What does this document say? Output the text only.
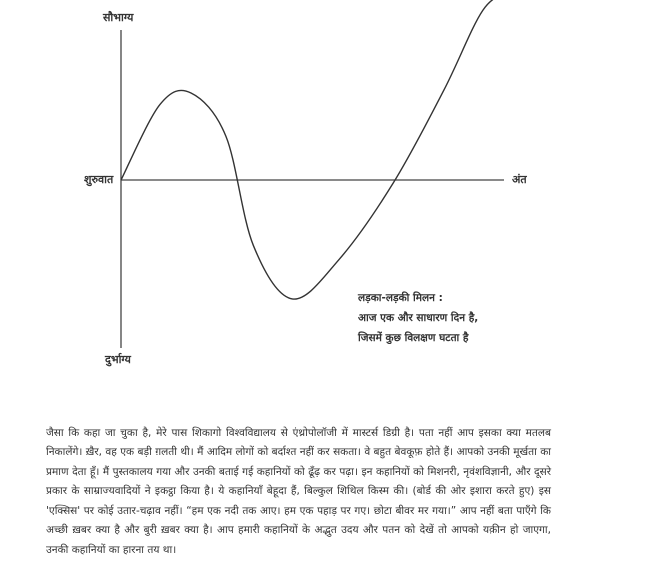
सौभाग्य
दुर्भाग्य
शुरुवात	अंत
लड़का-लड़की मिलन :
आज एक और साधारण दिन है,
जिसमें कुछ विलक्षण घटता है

जैसा कि कहा जा चुका है, मेरे पास शिकागो विश्वविद्यालय से एंथ्रोपोलॉजी में मास्टर्स डिग्री है। पता नहीं आप इसका क्या मतलब निकालेंगे। ख़ैर, वह एक बड़ी ग़लती थी। मैं आदिम लोगों को बर्दाश्त नहीं कर सकता। वे बहुत बेवकूफ़ होते हैं। आपको उनकी मूर्खता का प्रमाण देता हूँ। मैं पुस्तकालय गया और उनकी बताई गई कहानियों को ढूँढ़ कर पढ़ा। इन कहानियों को मिशनरी, नृवंशविज्ञानी, और दूसरे प्रकार के साम्राज्यवादियों ने इकट्ठा किया है। ये कहानियाँ बेहूदा हैं, बिल्कुल शिथिल किस्म की। (बोर्ड की ओर इशारा करते हुए) इस 'एक्सिस' पर कोई उतार-चढ़ाव नहीं। “हम एक नदी तक आए। हम एक पहाड़ पर गए। छोटा बीवर मर गया।” आप नहीं बता पाएँगे कि अच्छी ख़बर क्या है और बुरी ख़बर क्या है। आप हमारी कहानियों के अद्भुत उदय और पतन को देखें तो आपको यक़ीन हो जाएगा, उनकी कहानियों का हारना तय था।
